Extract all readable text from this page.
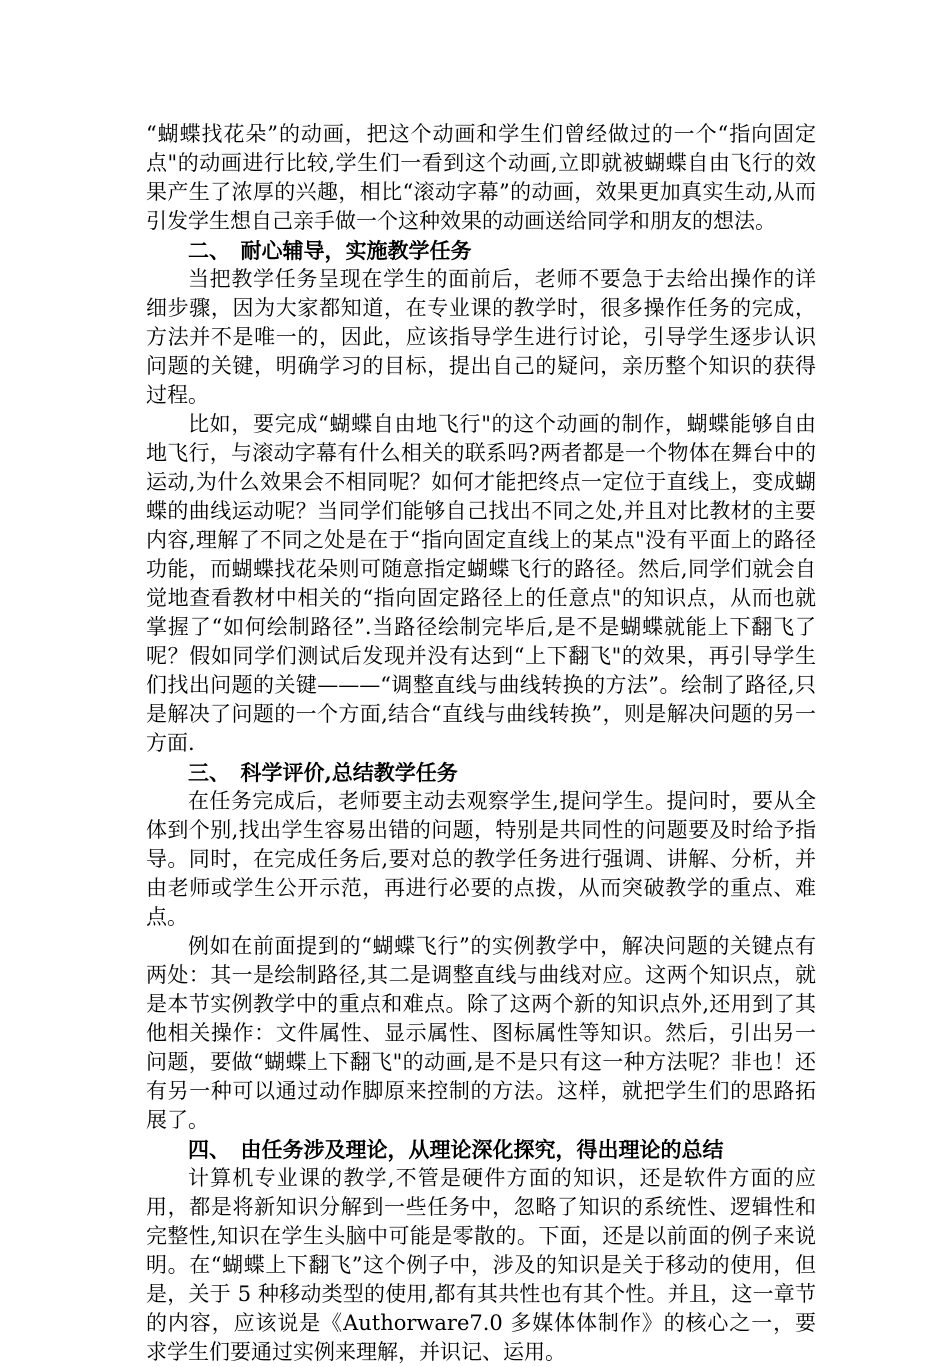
“蝴蝶找花朵”的动画，把这个动画和学生们曾经做过的一个“指向固定点"的动画进行比较,学生们一看到这个动画,立即就被蝴蝶自由飞行的效果产生了浓厚的兴趣，相比“滚动字幕”的动画，效果更加真实生动,从而引发学生想自己亲手做一个这种效果的动画送给同学和朋友的想法。

二、　耐心辅导，实施教学任务

当把教学任务呈现在学生的面前后，老师不要急于去给出操作的详细步骤，因为大家都知道，在专业课的教学时，很多操作任务的完成，方法并不是唯一的，因此，应该指导学生进行讨论，引导学生逐步认识问题的关键，明确学习的目标，提出自己的疑问，亲历整个知识的获得过程。

比如，要完成“蝴蝶自由地飞行"的这个动画的制作，蝴蝶能够自由地飞行，与滚动字幕有什么相关的联系吗?两者都是一个物体在舞台中的运动,为什么效果会不相同呢？如何才能把终点一定位于直线上，变成蝴蝶的曲线运动呢？当同学们能够自己找出不同之处,并且对比教材的主要内容,理解了不同之处是在于“指向固定直线上的某点"没有平面上的路径功能，而蝴蝶找花朵则可随意指定蝴蝶飞行的路径。然后,同学们就会自觉地查看教材中相关的“指向固定路径上的任意点"的知识点，从而也就掌握了“如何绘制路径”.当路径绘制完毕后,是不是蝴蝶就能上下翻飞了呢？假如同学们测试后发现并没有达到“上下翻飞"的效果，再引导学生们找出问题的关键———“调整直线与曲线转换的方法”。绘制了路径,只是解决了问题的一个方面,结合“直线与曲线转换”，则是解决问题的另一方面.

三、　科学评价,总结教学任务

在任务完成后，老师要主动去观察学生,提问学生。提问时，要从全体到个别,找出学生容易出错的问题，特别是共同性的问题要及时给予指导。同时，在完成任务后,要对总的教学任务进行强调、讲解、分析，并由老师或学生公开示范，再进行必要的点拨，从而突破教学的重点、难点。

例如在前面提到的“蝴蝶飞行”的实例教学中，解决问题的关键点有两处：其一是绘制路径,其二是调整直线与曲线对应。这两个知识点，就是本节实例教学中的重点和难点。除了这两个新的知识点外,还用到了其他相关操作：文件属性、显示属性、图标属性等知识。然后，引出另一问题，要做“蝴蝶上下翻飞"的动画,是不是只有这一种方法呢？非也！还有另一种可以通过动作脚原来控制的方法。这样，就把学生们的思路拓展了。

四、　由任务涉及理论，从理论深化探究，得出理论的总结

计算机专业课的教学,不管是硬件方面的知识，还是软件方面的应用，都是将新知识分解到一些任务中，忽略了知识的系统性、逻辑性和完整性,知识在学生头脑中可能是零散的。下面，还是以前面的例子来说明。在“蝴蝶上下翻飞”这个例子中，涉及的知识是关于移动的使用，但是，关于 5 种移动类型的使用,都有其共性也有其个性。并且，这一章节的内容，应该说是《Authorware7.0 多媒体体制作》的核心之一，要求学生们要通过实例来理解，并识记、运用。
